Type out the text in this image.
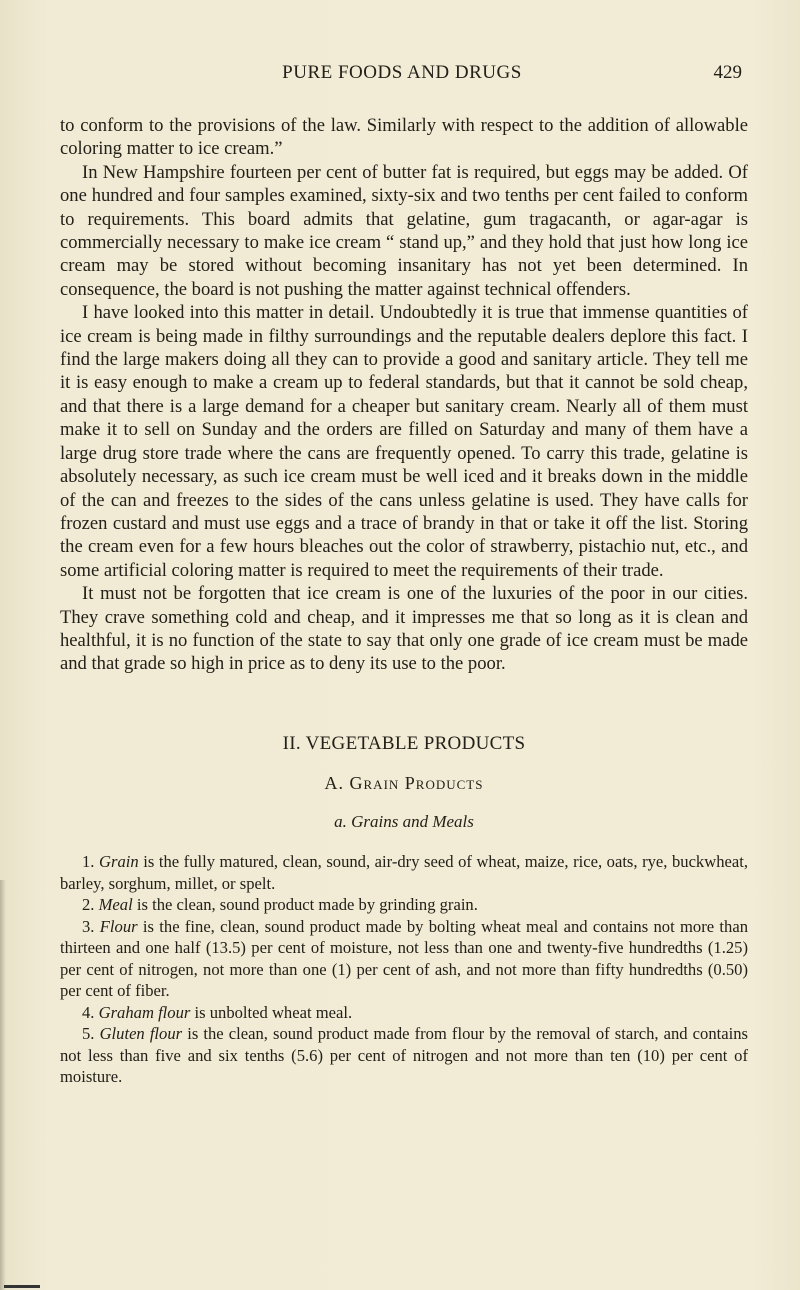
PURE FOODS AND DRUGS	429

to conform to the provisions of the law. Similarly with respect to the addition of allowable coloring matter to ice cream.”

In New Hampshire fourteen per cent of butter fat is required, but eggs may be added. Of one hundred and four samples examined, sixty-six and two tenths per cent failed to conform to requirements. This board admits that gelatine, gum tragacanth, or agar-agar is commercially necessary to make ice cream “ stand up,” and they hold that just how long ice cream may be stored without becoming insanitary has not yet been determined. In consequence, the board is not pushing the matter against technical offenders.

I have looked into this matter in detail. Undoubtedly it is true that immense quantities of ice cream is being made in filthy surroundings and the reputable dealers deplore this fact. I find the large makers doing all they can to provide a good and sanitary article. They tell me it is easy enough to make a cream up to federal standards, but that it cannot be sold cheap, and that there is a large demand for a cheaper but sanitary cream. Nearly all of them must make it to sell on Sunday and the orders are filled on Saturday and many of them have a large drug store trade where the cans are frequently opened. To carry this trade, gelatine is absolutely necessary, as such ice cream must be well iced and it breaks down in the middle of the can and freezes to the sides of the cans unless gelatine is used. They have calls for frozen custard and must use eggs and a trace of brandy in that or take it off the list. Storing the cream even for a few hours bleaches out the color of strawberry, pistachio nut, etc., and some artificial coloring matter is required to meet the requirements of their trade.

It must not be forgotten that ice cream is one of the luxuries of the poor in our cities. They crave something cold and cheap, and it impresses me that so long as it is clean and healthful, it is no function of the state to say that only one grade of ice cream must be made and that grade so high in price as to deny its use to the poor.

II. VEGETABLE PRODUCTS
A. Grain Products
a. Grains and Meals

1. Grain is the fully matured, clean, sound, air-dry seed of wheat, maize, rice, oats, rye, buckwheat, barley, sorghum, millet, or spelt.

2. Meal is the clean, sound product made by grinding grain.

3. Flour is the fine, clean, sound product made by bolting wheat meal and contains not more than thirteen and one half (13.5) per cent of moisture, not less than one and twenty-five hundredths (1.25) per cent of nitrogen, not more than one (1) per cent of ash, and not more than fifty hundredths (0.50) per cent of fiber.

4. Graham flour is unbolted wheat meal.

5. Gluten flour is the clean, sound product made from flour by the removal of starch, and contains not less than five and six tenths (5.6) per cent of nitrogen and not more than ten (10) per cent of moisture.
